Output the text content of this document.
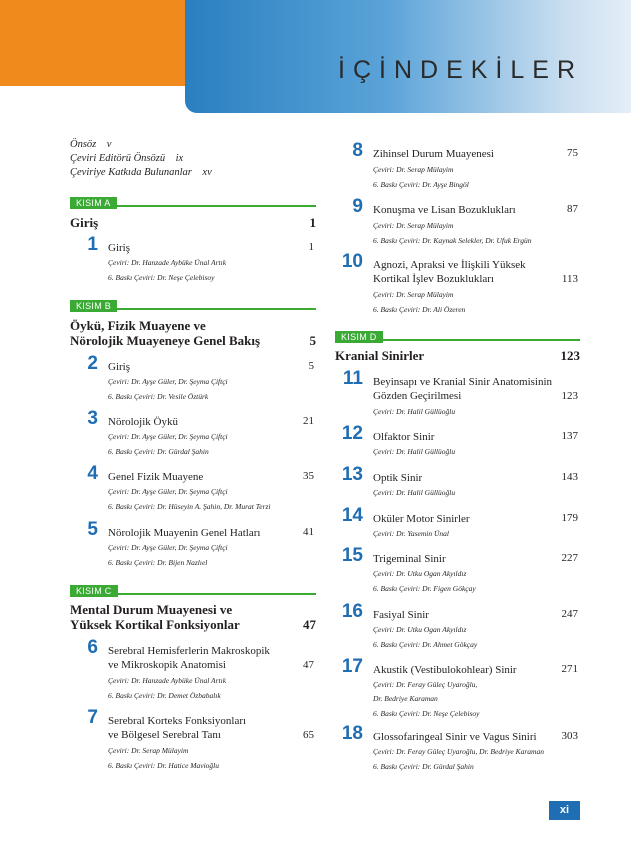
İÇİNDEKİLER
Önsöz v
Çeviri Editörü Önsözü ix
Çeviriye Katkıda Bulunanlar xv
KISIM A
Giriş	1
1 Giriş	1
Çeviri: Dr. Hanzade Aybüke Ünal Artık
6. Baskı Çeviri: Dr. Neşe Çelebisoy
KISIM B
Öykü, Fizik Muayene ve
Nörolojik Muayeneye Genel Bakış	5
2 Giriş	5
Çeviri: Dr. Ayşe Güler, Dr. Şeyma Çiftçi
6. Baskı Çeviri: Dr. Vesile Öztürk
3 Nörolojik Öykü	21
Çeviri: Dr. Ayşe Güler, Dr. Şeyma Çiftçi
6. Baskı Çeviri: Dr. Gürdal Şahin
4 Genel Fizik Muayene	35
Çeviri: Dr. Ayşe Güler, Dr. Şeyma Çiftçi
6. Baskı Çeviri: Dr. Hüseyin A. Şahin, Dr. Murat Terzi
5 Nörolojik Muayenin Genel Hatları	41
Çeviri: Dr. Ayşe Güler, Dr. Şeyma Çiftçi
6. Baskı Çeviri: Dr. Bijen Nazlıel
KISIM C
Mental Durum Muayenesi ve
Yüksek Kortikal Fonksiyonlar	47
6 Serebral Hemisferlerin Makroskopik
ve Mikroskopik Anatomisi	47
Çeviri: Dr. Hanzade Aybüke Ünal Artık
6. Baskı Çeviri: Dr. Demet Özbabalık
7 Serebral Korteks Fonksiyonları
ve Bölgesel Serebral Tanı	65
Çeviri: Dr. Serap Mülayim
6. Baskı Çeviri: Dr. Hatice Mavioğlu
8 Zihinsel Durum Muayenesi	75
Çeviri: Dr. Serap Mülayim
6. Baskı Çeviri: Dr. Ayşe Bingöl
9 Konuşma ve Lisan Bozuklukları	87
Çeviri: Dr. Serap Mülayim
6. Baskı Çeviri: Dr. Kaynak Selekler, Dr. Ufuk Ergün
10 Agnozi, Apraksi ve İlişkili Yüksek
Kortikal İşlev Bozuklukları	113
Çeviri: Dr. Serap Mülayim
6. Baskı Çeviri: Dr. Ali Özeren
KISIM D
Kranial Sinirler	123
11 Beyinsapı ve Kranial Sinir Anatomisinin
Gözden Geçirilmesi	123
Çeviri: Dr. Halil Güllüoğlu
12 Olfaktor Sinir	137
Çeviri: Dr. Halil Güllüoğlu
13 Optik Sinir	143
Çeviri: Dr. Halil Güllüoğlu
14 Oküler Motor Sinirler	179
Çeviri: Dr. Yasemin Ünal
15 Trigeminal Sinir	227
Çeviri: Dr. Utku Ogan Akyıldız
6. Baskı Çeviri: Dr. Figen Gökçay
16 Fasiyal Sinir	247
Çeviri: Dr. Utku Ogan Akyıldız
6. Baskı Çeviri: Dr. Ahmet Gökçay
17 Akustik (Vestibulokohlear) Sinir	271
Çeviri: Dr. Feray Güleç Uyaroğlu,
Dr. Bedriye Karaman
6. Baskı Çeviri: Dr. Neşe Çelebisoy
18 Glossofaringeal Sinir ve Vagus Siniri	303
Çeviri: Dr. Feray Güleç Uyaroğlu, Dr. Bedriye Karaman
6. Baskı Çeviri: Dr. Gürdal Şahin
xi
